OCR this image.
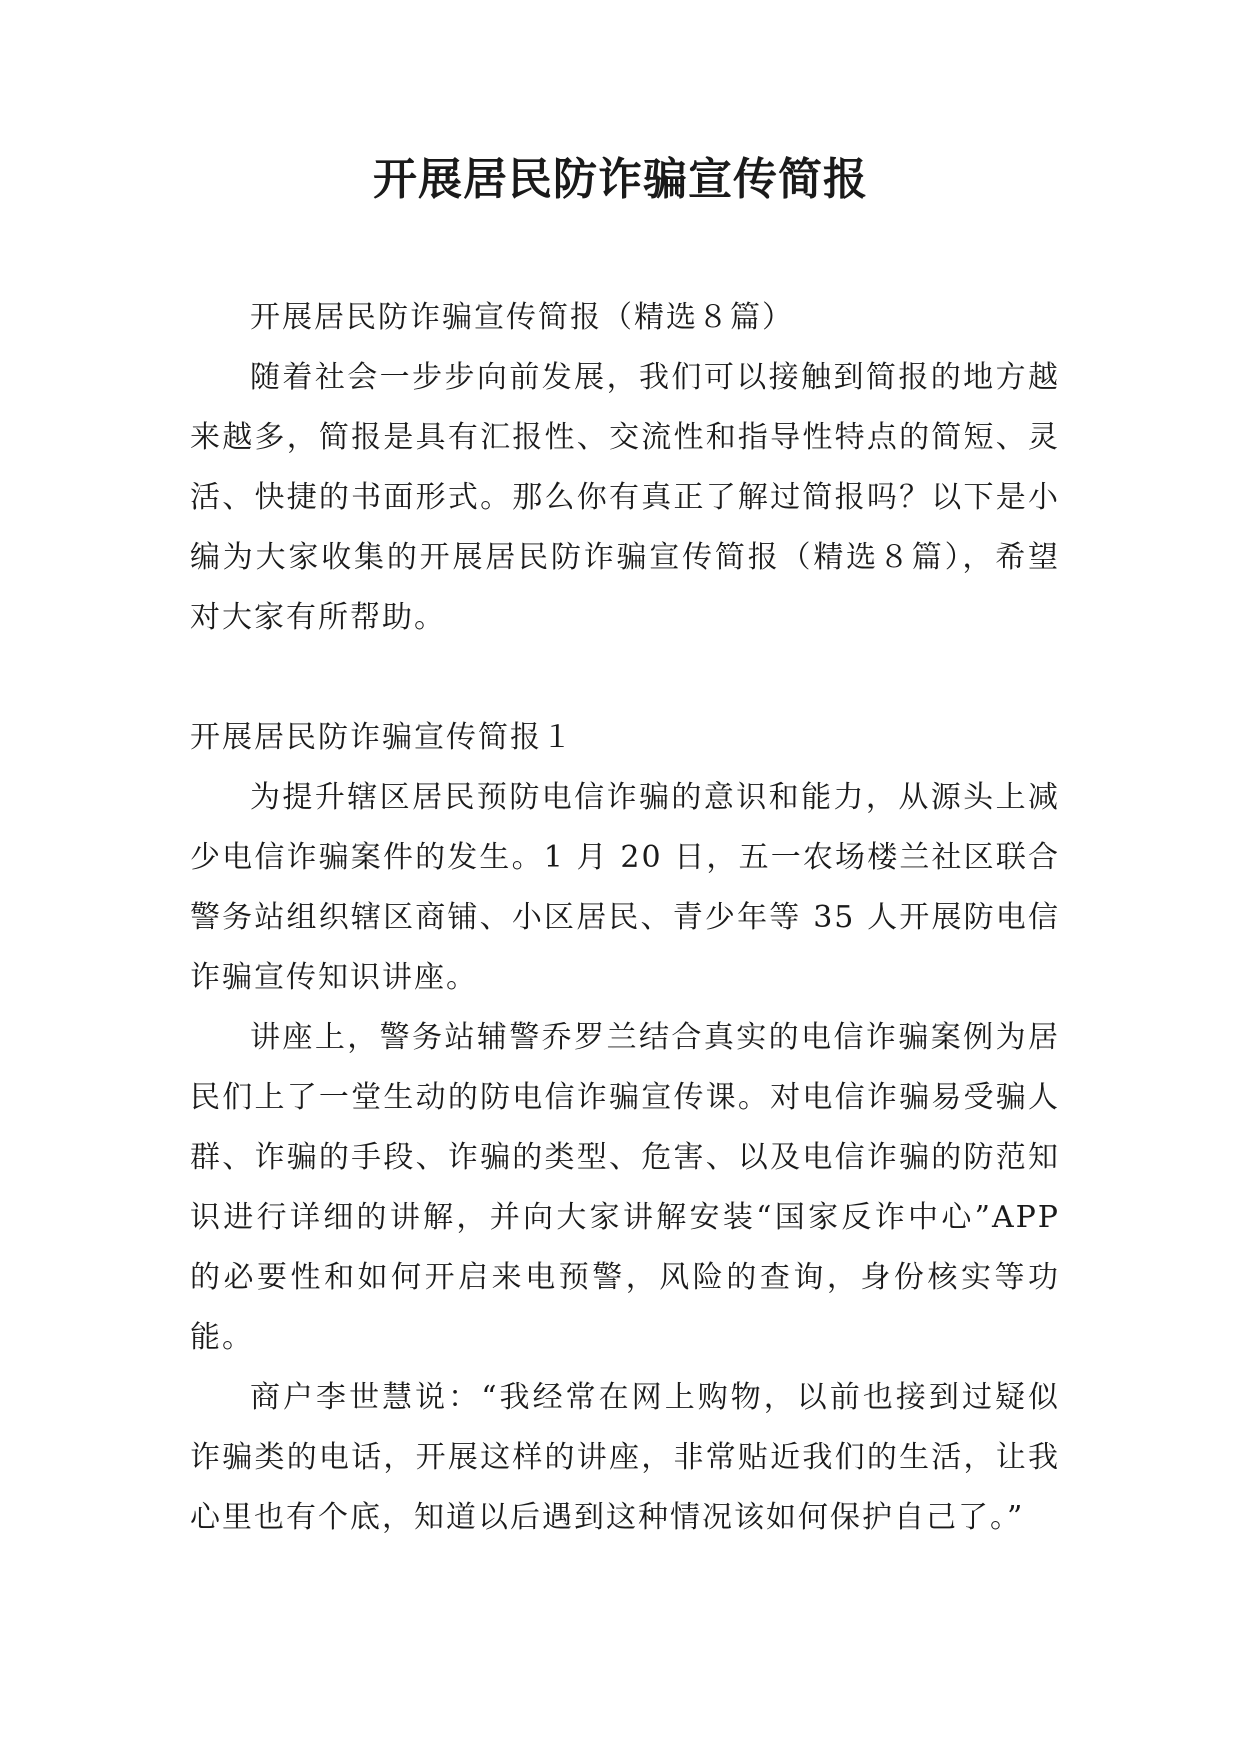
开展居民防诈骗宣传简报

开展居民防诈骗宣传简报（精选８篇）

随着社会一步步向前发展，我们可以接触到简报的地方越来越多，简报是具有汇报性、交流性和指导性特点的简短、灵活、快捷的书面形式。那么你有真正了解过简报吗？以下是小编为大家收集的开展居民防诈骗宣传简报（精选８篇），希望对大家有所帮助。

开展居民防诈骗宣传简报１

为提升辖区居民预防电信诈骗的意识和能力，从源头上减少电信诈骗案件的发生。1 月 20 日，五一农场楼兰社区联合警务站组织辖区商铺、小区居民、青少年等 35 人开展防电信诈骗宣传知识讲座。

讲座上，警务站辅警乔罗兰结合真实的电信诈骗案例为居民们上了一堂生动的防电信诈骗宣传课。对电信诈骗易受骗人群、诈骗的手段、诈骗的类型、危害、以及电信诈骗的防范知识进行详细的讲解，并向大家讲解安装“国家反诈中心”APP 的必要性和如何开启来电预警，风险的查询，身份核实等功能。

商户李世慧说：“我经常在网上购物，以前也接到过疑似诈骗类的电话，开展这样的讲座，非常贴近我们的生活，让我心里也有个底，知道以后遇到这种情况该如何保护自己了。”
